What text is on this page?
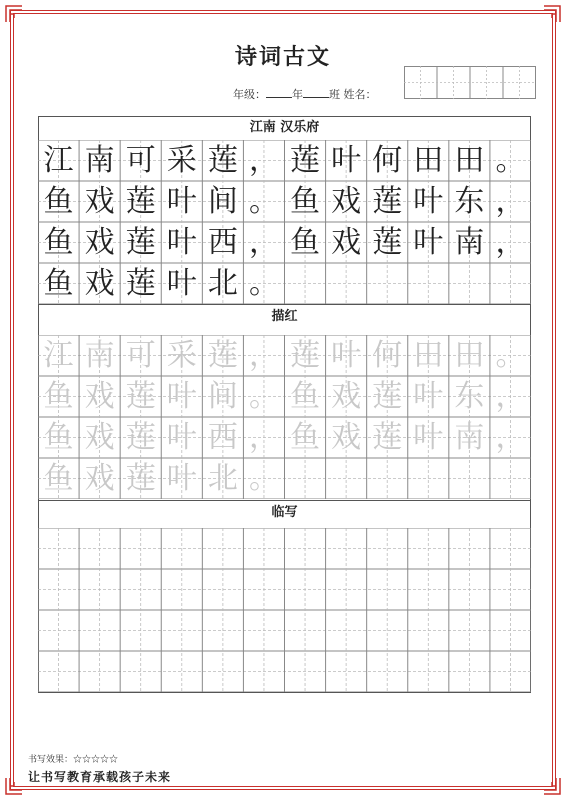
诗词古文
年级： 年 班 姓名：
江南 汉乐府
江 南 可 采 莲 ， 莲 叶 何 田 田 。
鱼 戏 莲 叶 间 。 鱼 戏 莲 叶 东 ，
鱼 戏 莲 叶 西 ， 鱼 戏 莲 叶 南 ，
鱼 戏 莲 叶 北 。
描红
江 南 可 采 莲 ， 莲 叶 何 田 田 。
鱼 戏 莲 叶 间 。 鱼 戏 莲 叶 东 ，
鱼 戏 莲 叶 西 ， 鱼 戏 莲 叶 南 ，
鱼 戏 莲 叶 北 。
临写
书写效果：☆☆☆☆☆
让书写教育承载孩子未来
